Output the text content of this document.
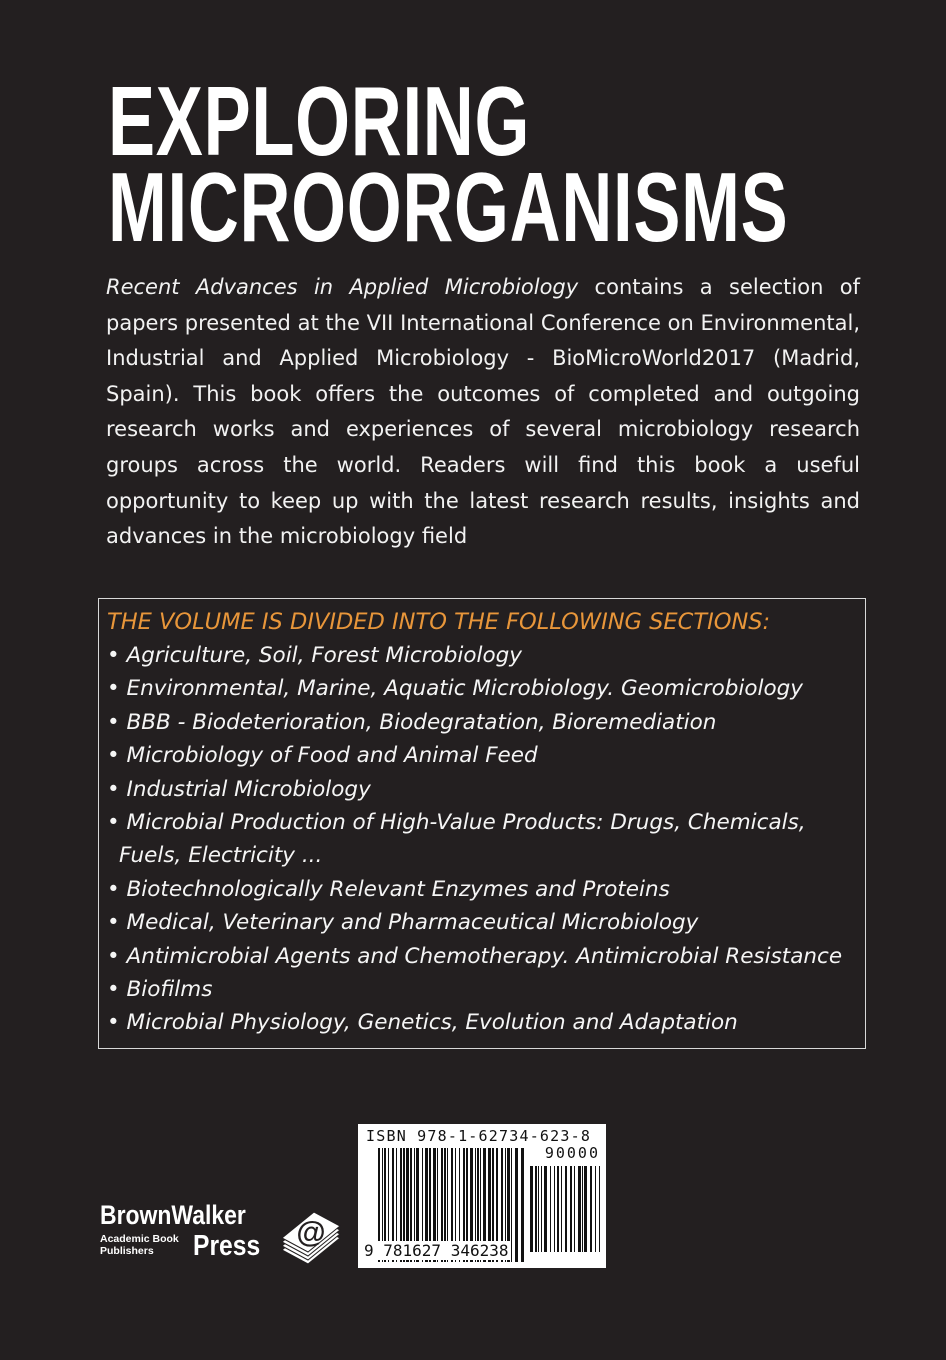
EXPLORING
MICROORGANISMS
Recent Advances in Applied Microbiology contains a selection of papers presented at the VII International Conference on Environmental, Industrial and Applied Microbiology - BioMicroWorld2017 (Madrid, Spain). This book offers the outcomes of completed and outgoing research works and experiences of several microbiology research groups across the world. Readers will find this book a useful opportunity to keep up with the latest research results, insights and advances in the microbiology field
THE VOLUME IS DIVIDED INTO THE FOLLOWING SECTIONS:
• Agriculture, Soil, Forest Microbiology
• Environmental, Marine, Aquatic Microbiology. Geomicrobiology
• BBB - Biodeterioration, Biodegratation, Bioremediation
• Microbiology of Food and Animal Feed
• Industrial Microbiology
• Microbial Production of High-Value Products: Drugs, Chemicals, Fuels, Electricity ...
• Biotechnologically Relevant Enzymes and Proteins
• Medical, Veterinary and Pharmaceutical Microbiology
• Antimicrobial Agents and Chemotherapy. Antimicrobial Resistance
• Biofilms
• Microbial Physiology, Genetics, Evolution and Adaptation
ISBN 978-1-62734-623-8
90000
9 781627 346238
BrownWalker
Academic Book Publishers	Press @
